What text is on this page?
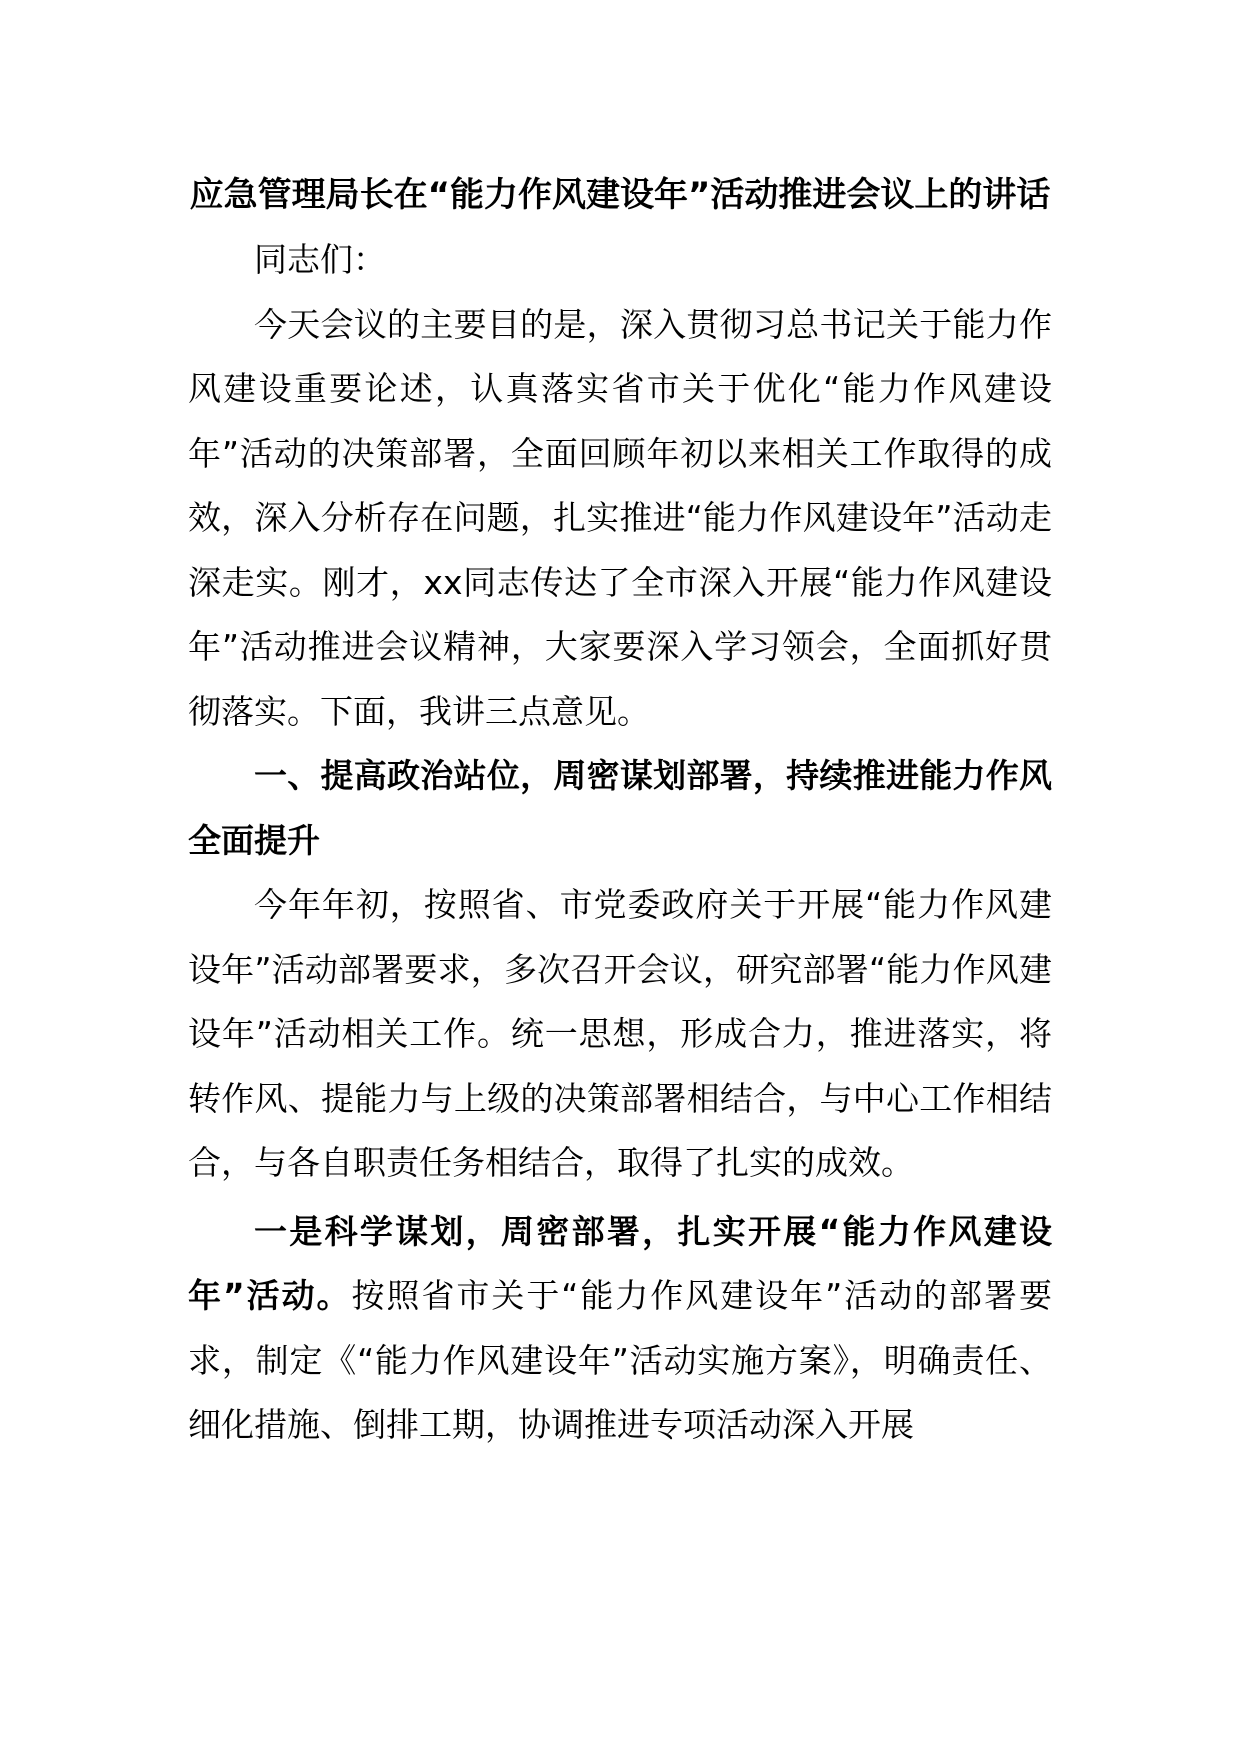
应急管理局长在“能力作风建设年”活动推进会议上的讲话

同志们：

今天会议的主要目的是，深入贯彻习总书记关于能力作风建设重要论述，认真落实省市关于优化“能力作风建设年”活动的决策部署，全面回顾年初以来相关工作取得的成效，深入分析存在问题，扎实推进“能力作风建设年”活动走深走实。刚才，xx同志传达了全市深入开展“能力作风建设年”活动推进会议精神，大家要深入学习领会，全面抓好贯彻落实。下面，我讲三点意见。

一、提高政治站位，周密谋划部署，持续推进能力作风全面提升

今年年初，按照省、市党委政府关于开展“能力作风建设年”活动部署要求，多次召开会议，研究部署“能力作风建设年”活动相关工作。统一思想，形成合力，推进落实，将转作风、提能力与上级的决策部署相结合，与中心工作相结合，与各自职责任务相结合，取得了扎实的成效。

一是科学谋划，周密部署，扎实开展“能力作风建设年”活动。按照省市关于“能力作风建设年”活动的部署要求，制定《“能力作风建设年”活动实施方案》，明确责任、细化措施、倒排工期，协调推进专项活动深入开展
